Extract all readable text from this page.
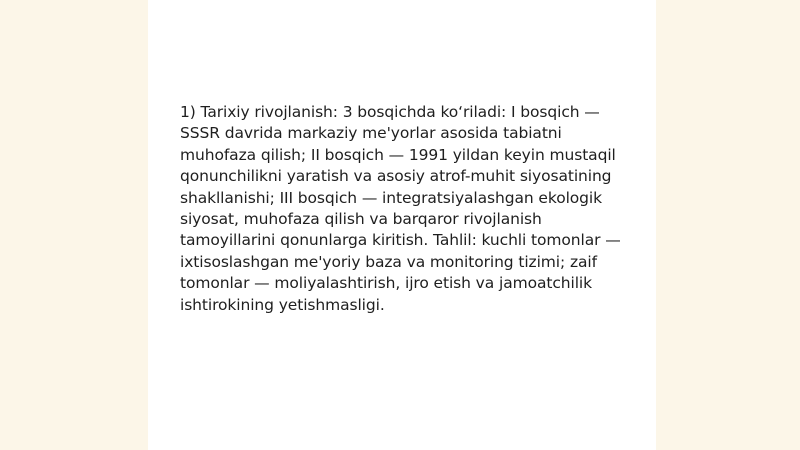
1) Tarixiy rivojlanish: 3 bosqichda ko‘riladi: I bosqich — SSSR davrida markaziy me'yorlar asosida tabiatni muhofaza qilish; II bosqich — 1991 yildan keyin mustaqil qonunchilikni yaratish va asosiy atrof-muhit siyosatining shakllanishi; III bosqich — integratsiyalashgan ekologik siyosat, muhofaza qilish va barqaror rivojlanish tamoyillarini qonunlarga kiritish. Tahlil: kuchli tomonlar — ixtisoslashgan me'yoriy baza va monitoring tizimi; zaif tomonlar — moliyalashtirish, ijro etish va jamoatchilik ishtirokining yetishmasligi.
